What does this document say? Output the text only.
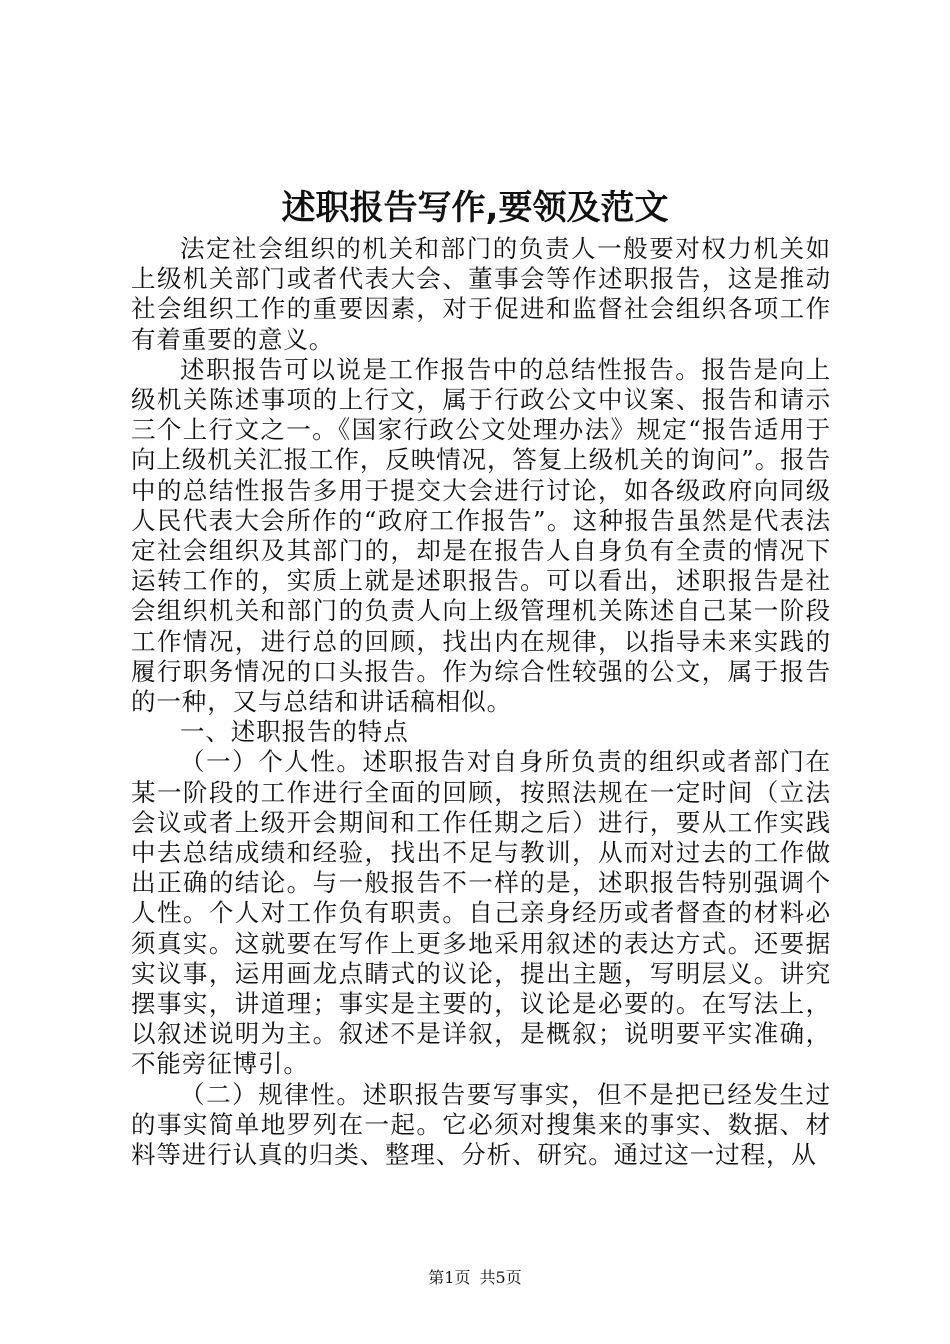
述职报告写作,要领及范文

法定社会组织的机关和部门的负责人一般要对权力机关如上级机关部门或者代表大会、董事会等作述职报告，这是推动社会组织工作的重要因素，对于促进和监督社会组织各项工作有着重要的意义。

述职报告可以说是工作报告中的总结性报告。报告是向上级机关陈述事项的上行文，属于行政公文中议案、报告和请示三个上行文之一。《国家行政公文处理办法》规定“报告适用于向上级机关汇报工作，反映情况，答复上级机关的询问”。报告中的总结性报告多用于提交大会进行讨论，如各级政府向同级人民代表大会所作的“政府工作报告”。这种报告虽然是代表法定社会组织及其部门的，却是在报告人自身负有全责的情况下运转工作的，实质上就是述职报告。可以看出，述职报告是社会组织机关和部门的负责人向上级管理机关陈述自己某一阶段工作情况，进行总的回顾，找出内在规律，以指导未来实践的履行职务情况的口头报告。作为综合性较强的公文，属于报告的一种，又与总结和讲话稿相似。

一、述职报告的特点

（一）个人性。述职报告对自身所负责的组织或者部门在某一阶段的工作进行全面的回顾，按照法规在一定时间（立法会议或者上级开会期间和工作任期之后）进行，要从工作实践中去总结成绩和经验，找出不足与教训，从而对过去的工作做出正确的结论。与一般报告不一样的是，述职报告特别强调个人性。个人对工作负有职责。自己亲身经历或者督查的材料必须真实。这就要在写作上更多地采用叙述的表达方式。还要据实议事，运用画龙点睛式的议论，提出主题，写明层义。讲究摆事实，讲道理；事实是主要的，议论是必要的。在写法上，以叙述说明为主。叙述不是详叙，是概叙；说明要平实准确，不能旁征博引。

（二）规律性。述职报告要写事实，但不是把已经发生过的事实简单地罗列在一起。它必须对搜集来的事实、数据、材料等进行认真的归类、整理、分析、研究。通过这一过程，从

第1页 共5页
